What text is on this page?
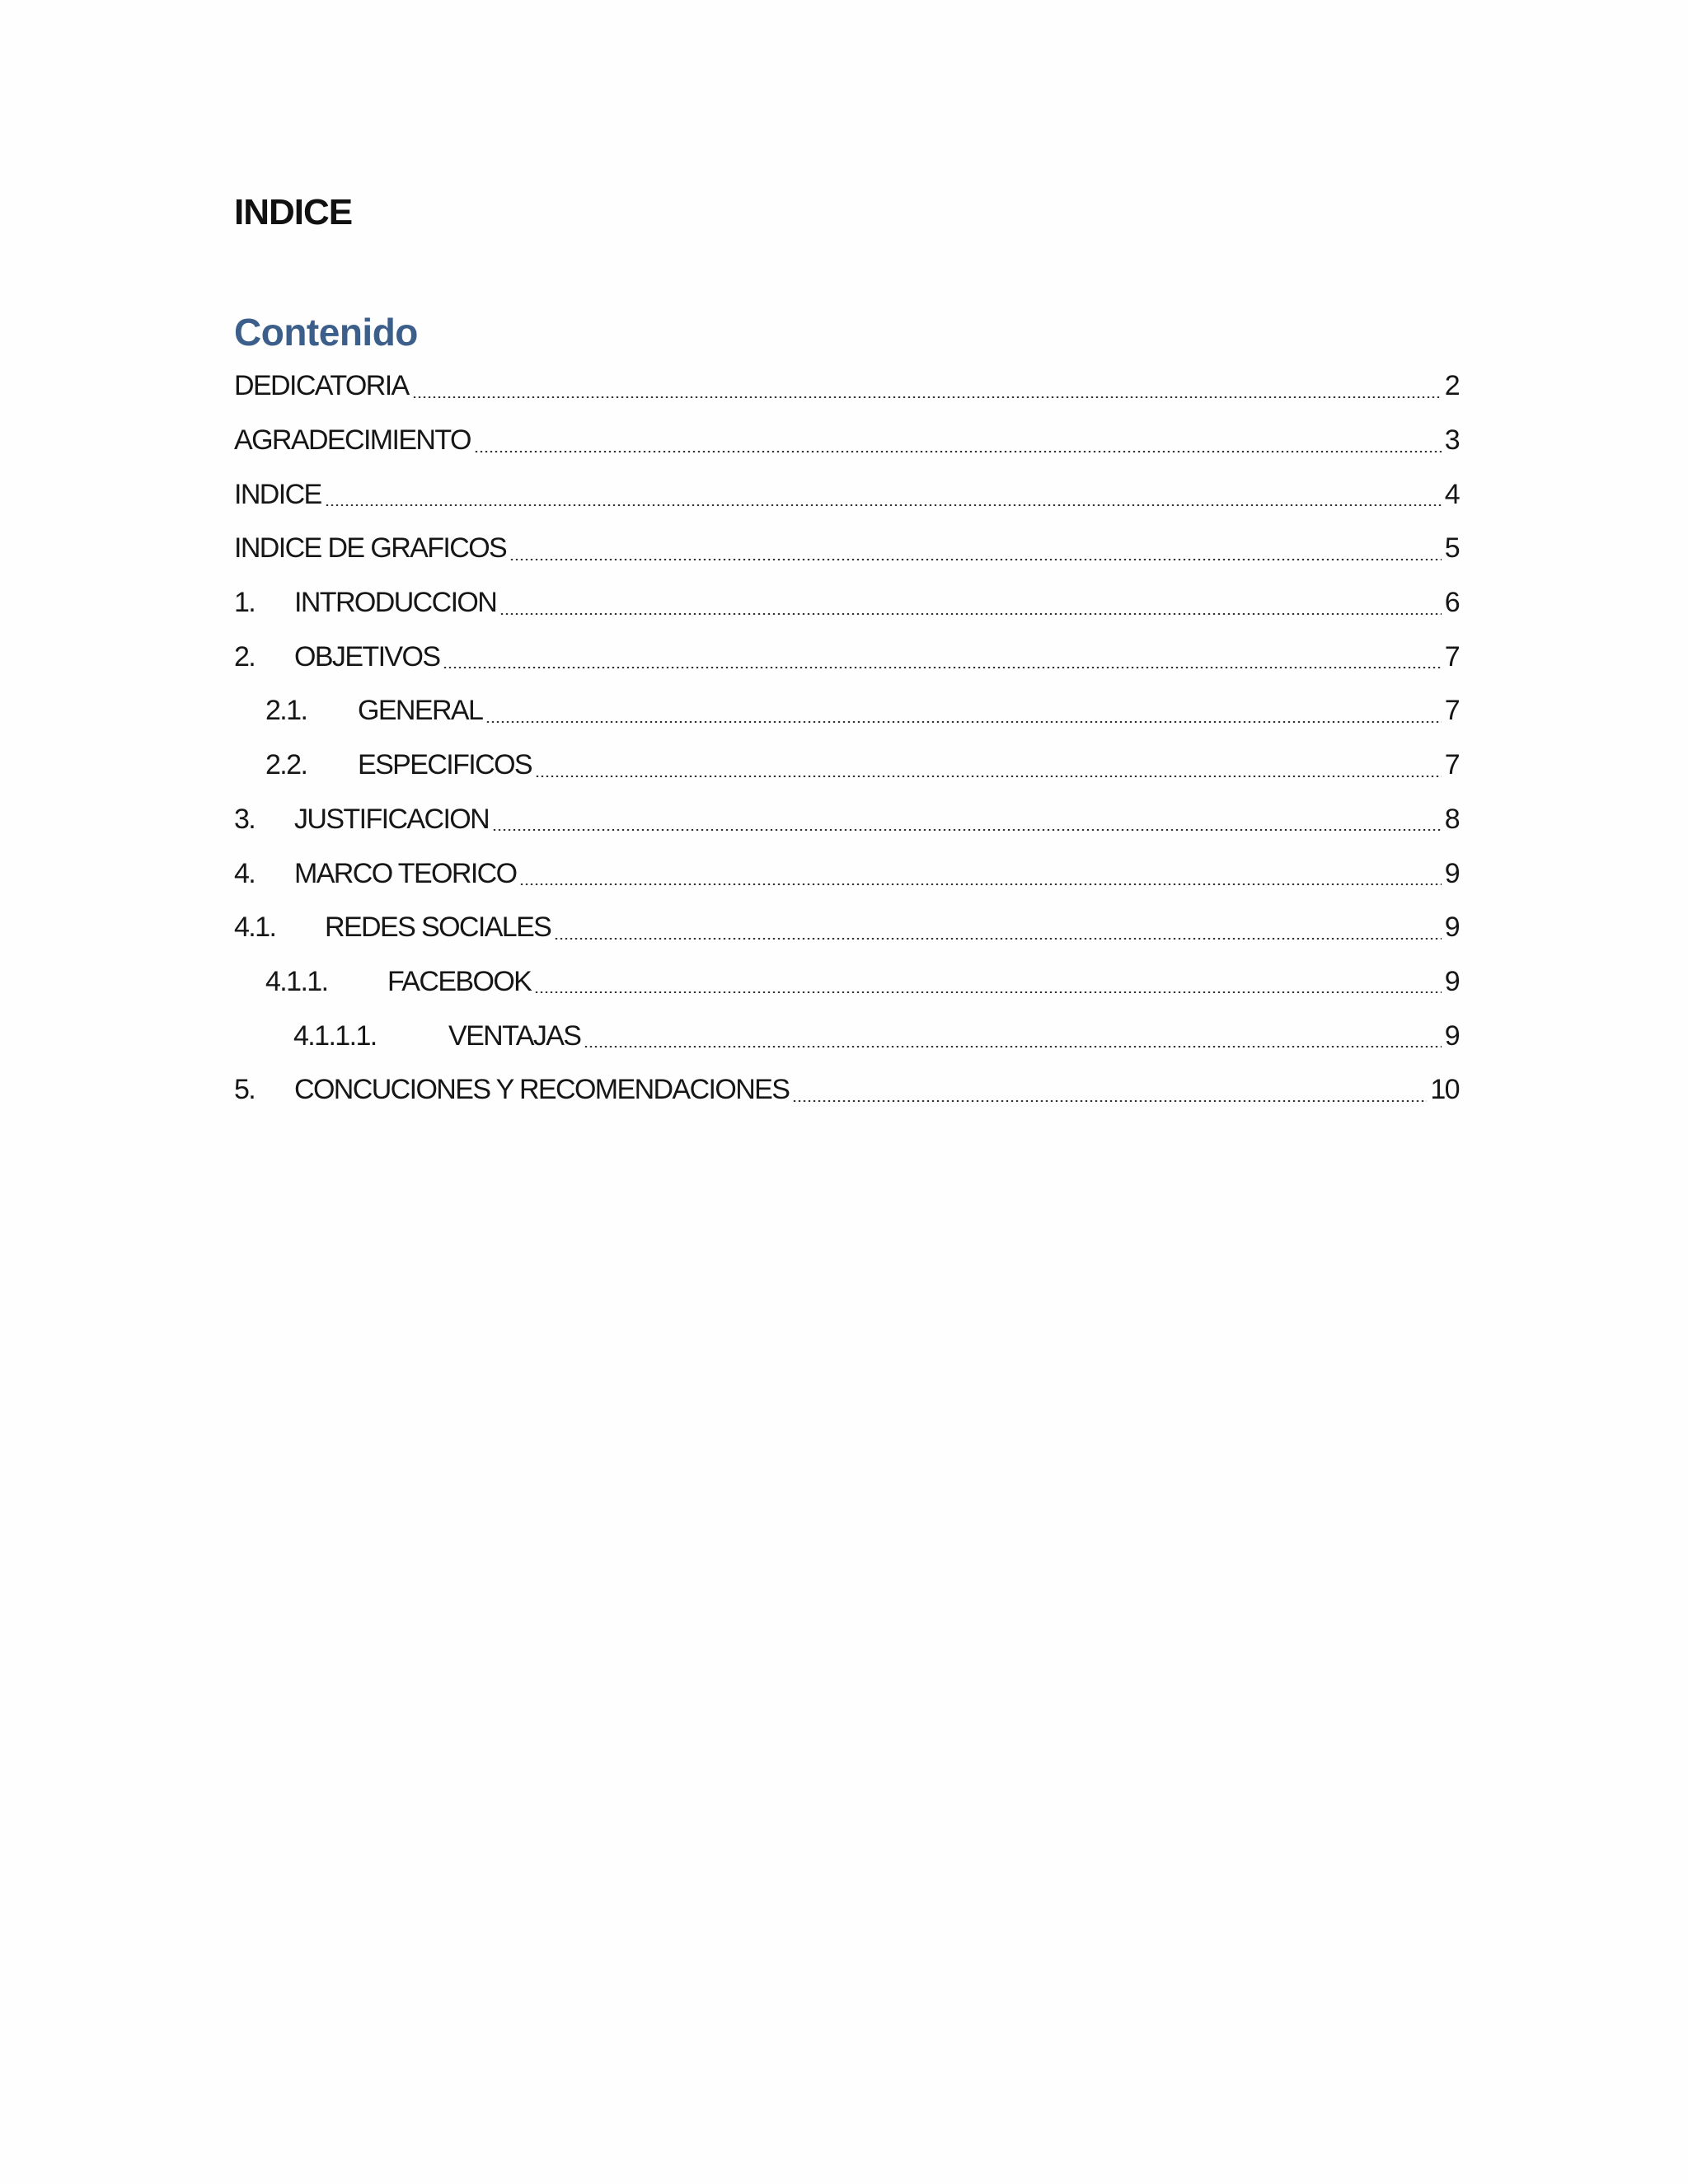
INDICE
Contenido
DEDICATORIA	2
AGRADECIMIENTO	3
INDICE	4
INDICE DE GRAFICOS	5
1.	INTRODUCCION	6
2.	OBJETIVOS	7
2.1.	GENERAL	7
2.2.	ESPECIFICOS	7
3.	JUSTIFICACION	8
4.	MARCO TEORICO	9
4.1.	REDES SOCIALES	9
4.1.1.	FACEBOOK	9
4.1.1.1.	VENTAJAS	9
5.	CONCUCIONES Y RECOMENDACIONES	10
